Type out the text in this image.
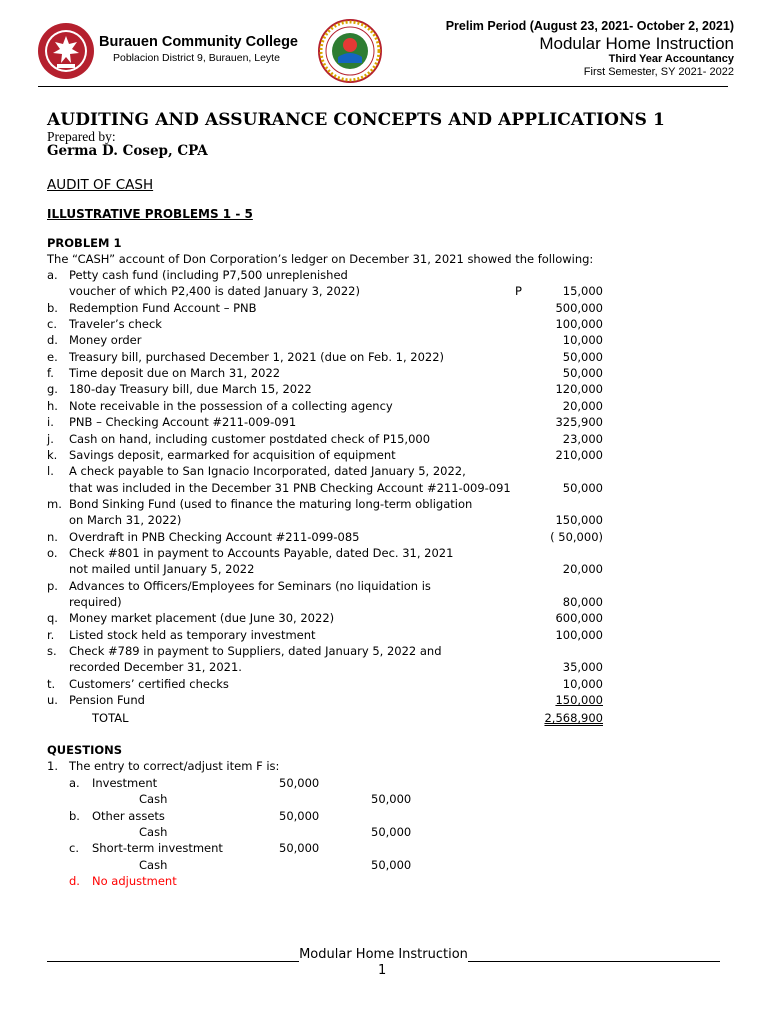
Burauen Community College
Poblacion District 9, Burauen, Leyte
Prelim Period (August 23, 2021- October 2, 2021)
Modular Home Instruction
Third Year Accountancy
First Semester, SY 2021- 2022
AUDITING AND ASSURANCE CONCEPTS AND APPLICATIONS 1
Prepared by:
Germa D. Cosep, CPA
AUDIT OF CASH
ILLUSTRATIVE PROBLEMS 1 - 5
PROBLEM 1
The “CASH” account of Don Corporation’s ledger on December 31, 2021 showed the following:
a. Petty cash fund (including P7,500 unreplenished
voucher of which P2,400 is dated January 3, 2022)	15,000
P
b. Redemption Fund Account – PNB	500,000
c. Traveler’s check	100,000
d. Money order	10,000
e. Treasury bill, purchased December 1, 2021 (due on Feb. 1, 2022)	50,000
f. Time deposit due on March 31, 2022	50,000
g. 180-day Treasury bill, due March 15, 2022	120,000
h. Note receivable in the possession of a collecting agency	20,000
i. PNB – Checking Account #211-009-091	325,900
j. Cash on hand, including customer postdated check of P15,000	23,000
k. Savings deposit, earmarked for acquisition of equipment	210,000
l. A check payable to San Ignacio Incorporated, dated January 5, 2022,
that was included in the December 31 PNB Checking Account #211-009-091	50,000
m. Bond Sinking Fund (used to finance the maturing long-term obligation
on March 31, 2022)	150,000
n. Overdraft in PNB Checking Account #211-099-085	( 50,000)
o. Check #801 in payment to Accounts Payable, dated Dec. 31, 2021
not mailed until January 5, 2022	20,000
p. Advances to Officers/Employees for Seminars (no liquidation is
required)	80,000
q. Money market placement (due June 30, 2022)	600,000
r. Listed stock held as temporary investment	100,000
s. Check #789 in payment to Suppliers, dated January 5, 2022 and
recorded December 31, 2021.	35,000
t. Customers’ certified checks	10,000
u. Pension Fund	150,000
TOTAL	2,568,900
QUESTIONS
1. The entry to correct/adjust item F is:
a. Investment	50,000
Cash	50,000
b. Other assets	50,000
Cash	50,000
c. Short-term investment	50,000
Cash	50,000
d. No adjustment
Modular Home Instruction
1
